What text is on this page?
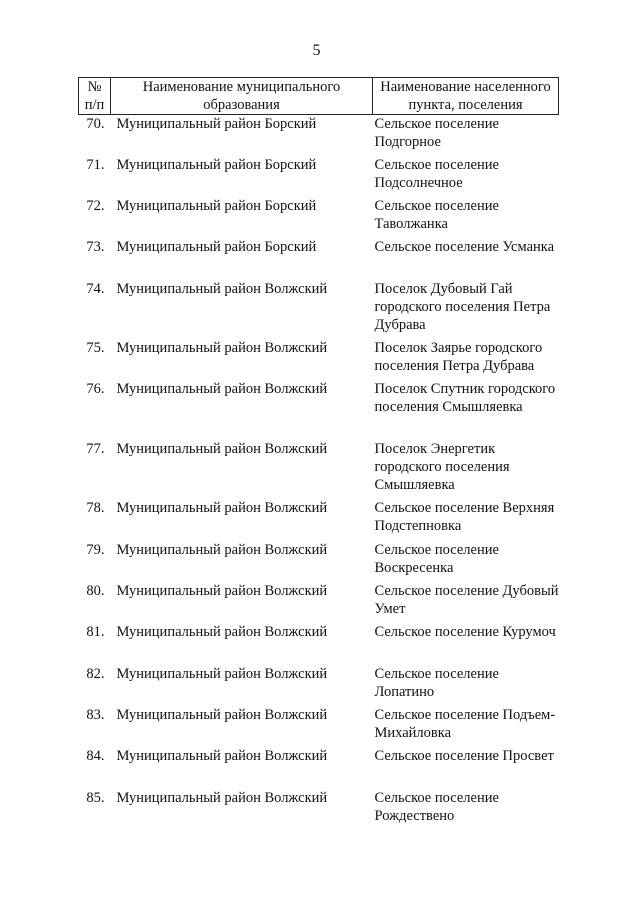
5
№ п/п	Наименование муниципального образования	Наименование населенного пункта, поселения
70.	Муниципальный район Борский	Сельское поселение Подгорное
71.	Муниципальный район Борский	Сельское поселение Подсолнечное
72.	Муниципальный район Борский	Сельское поселение Таволжанка
73.	Муниципальный район Борский	Сельское поселение Усманка
74.	Муниципальный район Волжский	Поселок Дубовый Гай городского поселения Петра Дубрава
75.	Муниципальный район Волжский	Поселок Заярье городского поселения Петра Дубрава
76.	Муниципальный район Волжский	Поселок Спутник городского поселения Смышляевка
77.	Муниципальный район Волжский	Поселок Энергетик городского поселения Смышляевка
78.	Муниципальный район Волжский	Сельское поселение Верхняя Подстепновка
79.	Муниципальный район Волжский	Сельское поселение Воскресенка
80.	Муниципальный район Волжский	Сельское поселение Дубовый Умет
81.	Муниципальный район Волжский	Сельское поселение Курумоч
82.	Муниципальный район Волжский	Сельское поселение Лопатино
83.	Муниципальный район Волжский	Сельское поселение Подъем-Михайловка
84.	Муниципальный район Волжский	Сельское поселение Просвет
85.	Муниципальный район Волжский	Сельское поселение Рождествено
